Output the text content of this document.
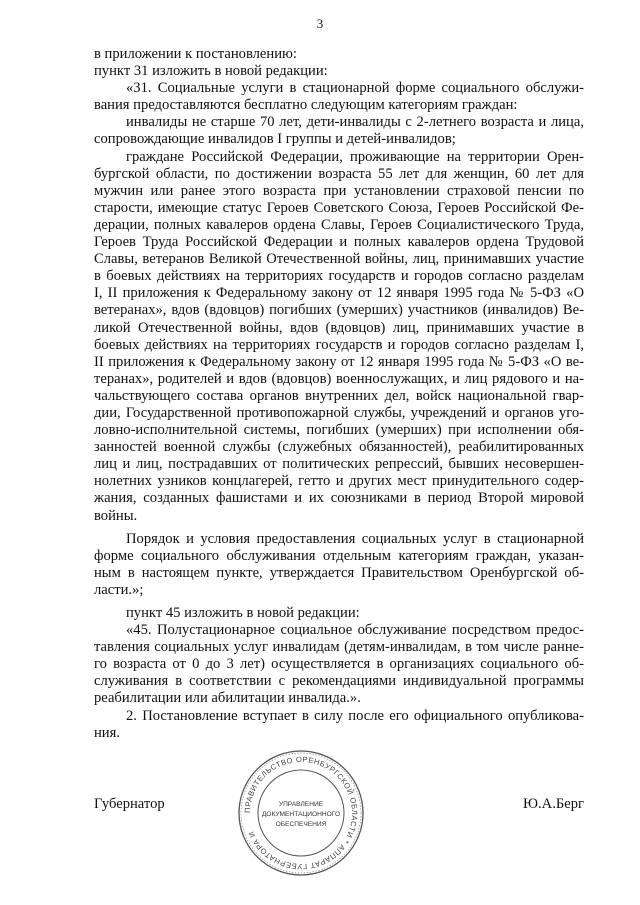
3
в приложении к постановлению:
пункт 31 изложить в новой редакции:
«31. Социальные услуги в стационарной форме социального обслужи-
вания предоставляются бесплатно следующим категориям граждан:
инвалиды не старше 70 лет, дети-инвалиды с 2-летнего возраста и лица,
сопровождающие инвалидов I группы и детей-инвалидов;
граждане Российской Федерации, проживающие на территории Орен-
бургской области, по достижении возраста 55 лет для женщин, 60 лет для
мужчин или ранее этого возраста при установлении страховой пенсии по
старости, имеющие статус Героев Советского Союза, Героев Российской Фе-
дерации, полных кавалеров ордена Славы, Героев Социалистического Труда,
Героев Труда Российской Федерации и полных кавалеров ордена Трудовой
Славы, ветеранов Великой Отечественной войны, лиц, принимавших участие
в боевых действиях на территориях государств и городов согласно разделам
I, II приложения к Федеральному закону от 12 января 1995 года № 5-ФЗ «О
ветеранах», вдов (вдовцов) погибших (умерших) участников (инвалидов) Ве-
ликой Отечественной войны, вдов (вдовцов) лиц, принимавших участие в
боевых действиях на территориях государств и городов согласно разделам I,
II приложения к Федеральному закону от 12 января 1995 года № 5-ФЗ «О ве-
теранах», родителей и вдов (вдовцов) военнослужащих, и лиц рядового и на-
чальствующего состава органов внутренних дел, войск национальной гвар-
дии, Государственной противопожарной службы, учреждений и органов уго-
ловно-исполнительной системы, погибших (умерших) при исполнении обя-
занностей военной службы (служебных обязанностей), реабилитированных
лиц и лиц, пострадавших от политических репрессий, бывших несовершен-
нолетних узников концлагерей, гетто и других мест принудительного содер-
жания, созданных фашистами и их союзниками в период Второй мировой
войны.
Порядок и условия предоставления социальных услуг в стационарной
форме социального обслуживания отдельным категориям граждан, указан-
ным в настоящем пункте, утверждается Правительством Оренбургской об-
ласти.»;
пункт 45 изложить в новой редакции:
«45. Полустационарное социальное обслуживание посредством предос-
тавления социальных услуг инвалидам (детям-инвалидам, в том числе ранне-
го возраста от 0 до 3 лет) осуществляется в организациях социального об-
служивания в соответствии с рекомендациями индивидуальной программы
реабилитации или абилитации инвалида.».
2. Постановление вступает в силу после его официального опубликова-
ния.
ПРАВИТЕЛЬСТВО ОРЕНБУРГСКОЙ ОБЛАСТИ * АППАРАТ ГУБЕРНАТОРА И
УПРАВЛЕНИЕ
ДОКУМЕНТАЦИОННОГО
ОБЕСПЕЧЕНИЯ
Губернатор	Ю.А.Берг
